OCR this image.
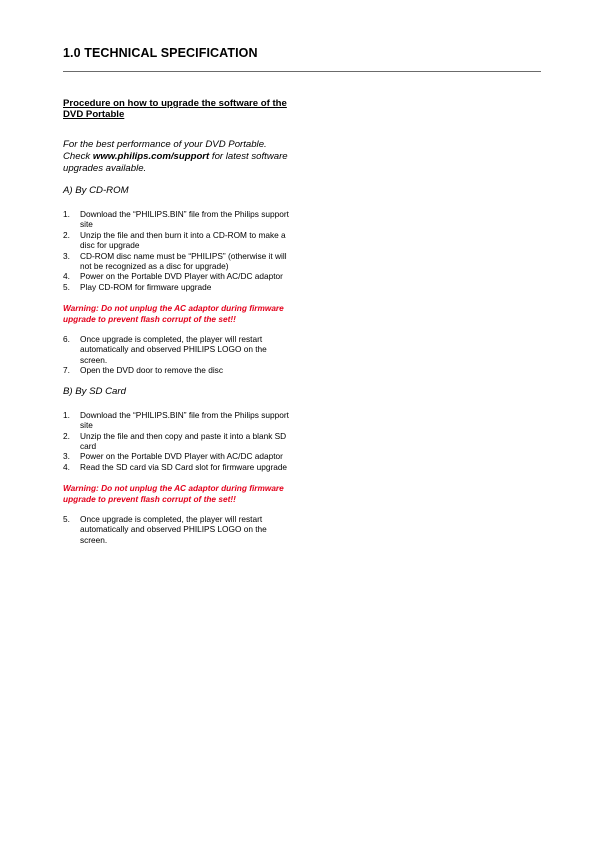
1.0 TECHNICAL SPECIFICATION

Procedure on how to upgrade the software of the DVD Portable

For the best performance of your DVD Portable. Check www.philips.com/support for latest software upgrades available.

A) By CD-ROM

1.	Download the “PHILIPS.BIN” file from the Philips support site
2.	Unzip the file and then burn it into a CD-ROM to make a disc for upgrade
3.	CD-ROM disc name must be “PHILIPS” (otherwise it will not be recognized as a disc for upgrade)
4.	Power on the Portable DVD Player with AC/DC adaptor
5.	Play CD-ROM for firmware upgrade

Warning: Do not unplug the AC adaptor during firmware upgrade to prevent flash corrupt of the set!!

6.	Once upgrade is completed, the player will restart automatically and observed PHILIPS LOGO on the screen.
7.	Open the DVD door to remove the disc

B) By SD Card

1.	Download the “PHILIPS.BIN” file from the Philips support site
2.	Unzip the file and then copy and paste it into a blank SD card
3.	Power on the Portable DVD Player with AC/DC adaptor
4.	Read the SD card via SD Card slot for firmware upgrade

Warning: Do not unplug the AC adaptor during firmware upgrade to prevent flash corrupt of the set!!

5.	Once upgrade is completed, the player will restart automatically and observed PHILIPS LOGO on the screen.
